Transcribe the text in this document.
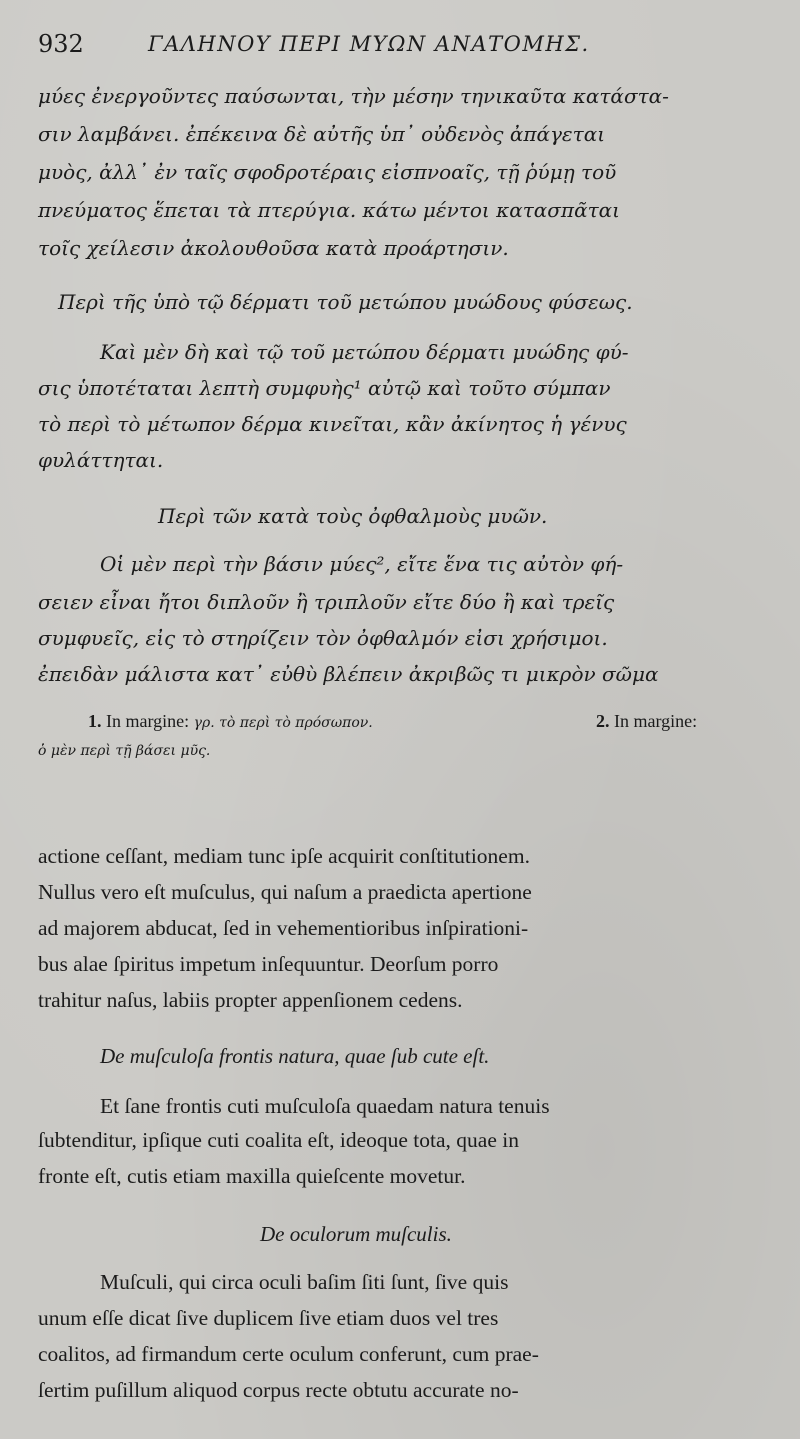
932	ΓΑΛΗΝΟΥ ΠΕΡΙ ΜΥΩΝ ΑΝΑΤΟΜΗΣ.
μύες ἐνεργοῦντες παύσωνται, τὴν μέσην τηνικαῦτα κατάστα-
σιν λαμβάνει. ἐπέκεινα δὲ αὐτῆς ὑπ᾽ οὐδενὸς ἀπάγεται
μυὸς, ἀλλ᾽ ἐν ταῖς σφοδροτέραις εἰσπνοαῖς, τῇ ῥύμῃ τοῦ
πνεύματος ἕπεται τὰ πτερύγια. κάτω μέντοι κατασπᾶται
τοῖς χείλεσιν ἀκολουθοῦσα κατὰ προάρτησιν.
Περὶ τῆς ὑπὸ τῷ δέρματι τοῦ μετώπου μυώδους φύσεως.
Καὶ μὲν δὴ καὶ τῷ τοῦ μετώπου δέρματι μυώδης φύ-
σις ὑποτέταται λεπτὴ συμφυὴς¹ αὐτῷ καὶ τοῦτο σύμπαν
τὸ περὶ τὸ μέτωπον δέρμα κινεῖται, κἂν ἀκίνητος ἡ γένυς
φυλάττηται.
Περὶ τῶν κατὰ τοὺς ὀφθαλμοὺς μυῶν.
Οἱ μὲν περὶ τὴν βάσιν μύες², εἴτε ἕνα τις αὐτὸν φή-
σειεν εἶναι ἤτοι διπλοῦν ἢ τριπλοῦν εἴτε δύο ἢ καὶ τρεῖς
συμφυεῖς, εἰς τὸ στηρίζειν τὸν ὀφθαλμόν εἰσι χρήσιμοι.
ἐπειδὰν μάλιστα κατ᾽ εὐθὺ βλέπειν ἀκριβῶς τι μικρὸν σῶμα
1. In margine: γρ. τὸ περὶ τὸ πρόσωπον.	2. In margine:
ὁ μὲν περὶ τῇ βάσει μῦς.
actione ceſſant, mediam tunc ipſe acquirit conſtitutionem.
Nullus vero eſt muſculus, qui naſum a praedicta apertione
ad majorem abducat, ſed in vehementioribus inſpirationi-
bus alae ſpiritus impetum inſequuntur. Deorſum porro
trahitur naſus, labiis propter appenſionem cedens.
De muſculoſa frontis natura, quae ſub cute eſt.
Et ſane frontis cuti muſculoſa quaedam natura tenuis
ſubtenditur, ipſique cuti coalita eſt, ideoque tota, quae in
fronte eſt, cutis etiam maxilla quieſcente movetur.
De oculorum muſculis.
Muſculi, qui circa oculi baſim ſiti ſunt, ſive quis
unum eſſe dicat ſive duplicem ſive etiam duos vel tres
coalitos, ad firmandum certe oculum conferunt, cum prae-
ſertim puſillum aliquod corpus recte obtutu accurate no-
